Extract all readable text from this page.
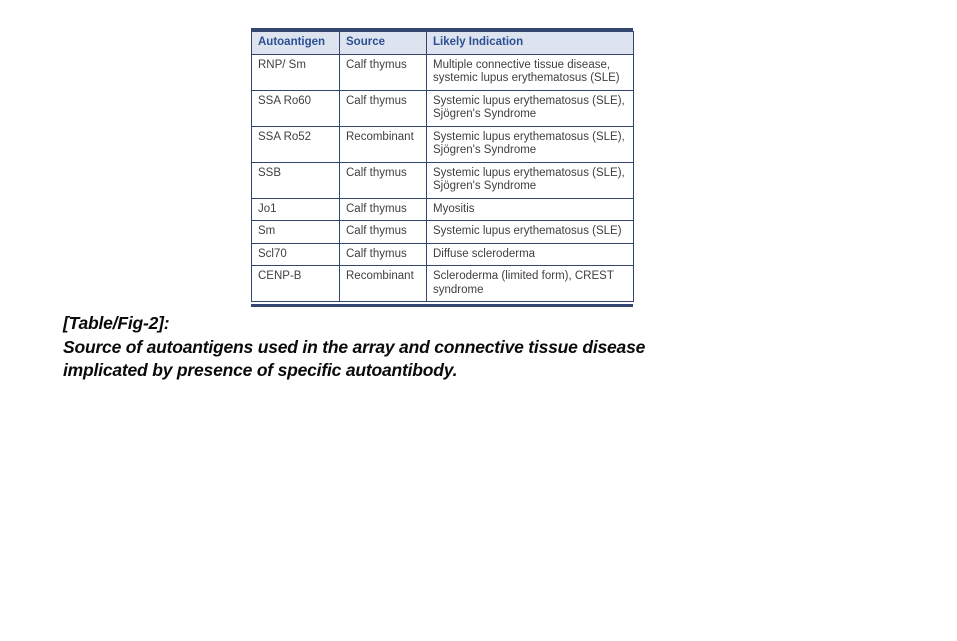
Autoantigen	Source	Likely Indication
RNP/ Sm	Calf thymus	Multiple connective tissue disease, systemic lupus erythematosus (SLE)
SSA Ro60	Calf thymus	Systemic lupus erythematosus (SLE), Sjögren's Syndrome
SSA Ro52	Recombinant	Systemic lupus erythematosus (SLE), Sjögren's Syndrome
SSB	Calf thymus	Systemic lupus erythematosus (SLE), Sjögren's Syndrome
Jo1	Calf thymus	Myositis
Sm	Calf thymus	Systemic lupus erythematosus (SLE)
Scl70	Calf thymus	Diffuse scleroderma
CENP-B	Recombinant	Scleroderma (limited form), CREST syndrome
[Table/Fig-2]:
Source of autoantigens used in the array and connective tissue disease
implicated by presence of specific autoantibody.
